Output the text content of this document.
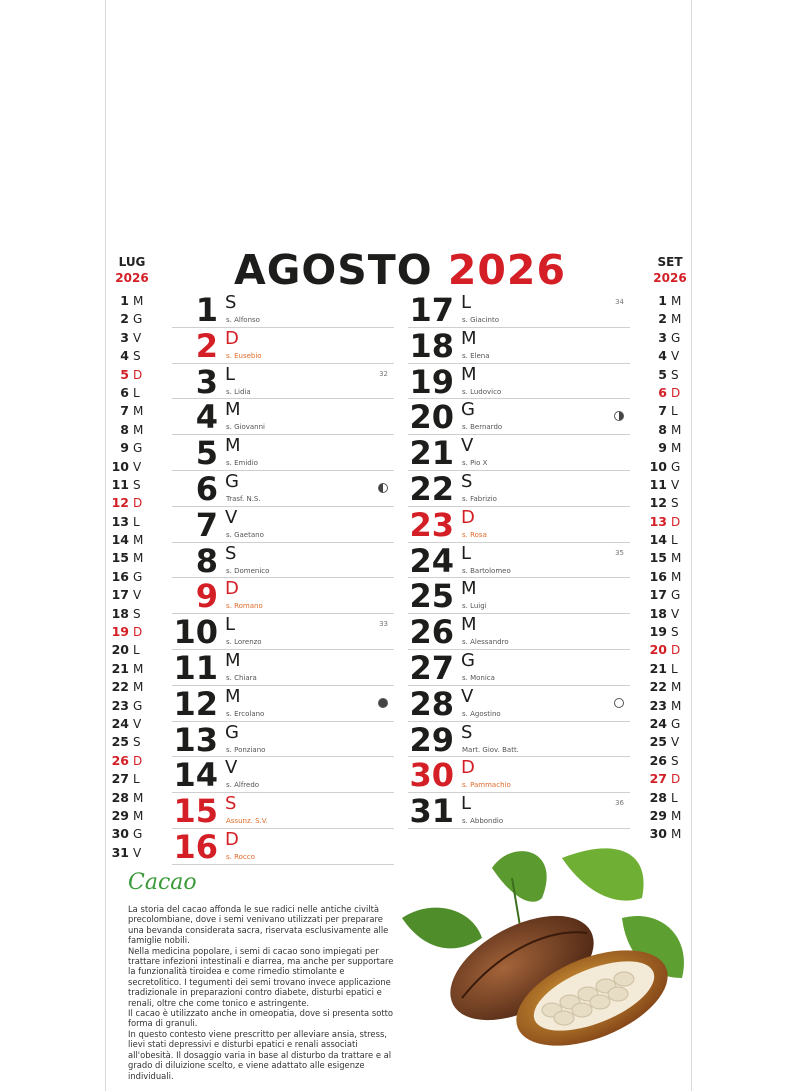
AGOSTO 2026
LUG
2026
1 M
2 G
3 V
4 S
5 D
6 L
7 M
8 M
9 G
10 V
11 S
12 D
13 L
14 M
15 M
16 G
17 V
18 S
19 D
20 L
21 M
22 M
23 G
24 V
25 S
26 D
27 L
28 M
29 M
30 G
31 V
SET
2026
1 M
2 M
3 G
4 V
5 S
6 D
7 L
8 M
9 M
10 G
11 V
12 S
13 D
14 L
15 M
16 M
17 G
18 V
19 S
20 D
21 L
22 M
23 M
24 G
25 V
26 S
27 D
28 L
29 M
30 M
1 S
s. Alfonso
2 D
s. Eusebio
3 L
s. Lidia
32
4 M
s. Giovanni
5 M
s. Emidio
6 G
Trasf. N.S.
7 V
s. Gaetano
8 S
s. Domenico
9 D
s. Romano
10 L
s. Lorenzo
33
11 M
s. Chiara
12 M
s. Ercolano
13 G
s. Ponziano
14 V
s. Alfredo
15 S
Assunz. S.V.
16 D
s. Rocco
17 L
s. Giacinto
34
18 M
s. Elena
19 M
s. Ludovico
20 G
s. Bernardo
21 V
s. Pio X
22 S
s. Fabrizio
23 D
s. Rosa
24 L
s. Bartolomeo
35
25 M
s. Luigi
26 M
s. Alessandro
27 G
s. Monica
28 V
s. Agostino
29 S
Mart. Giov. Batt.
30 D
s. Pammachio
31 L
s. Abbondio
36
Cacao

La storia del cacao affonda le sue radici nelle antiche civiltà precolombiane, dove i semi venivano utilizzati per preparare una bevanda considerata sacra, riservata esclusivamente alle famiglie nobili.

Nella medicina popolare, i semi di cacao sono impiegati per trattare infezioni intestinali e diarrea, ma anche per supportare la funzionalità tiroidea e come rimedio stimolante e secretolitico. I tegumenti dei semi trovano invece applicazione tradizionale in preparazioni contro diabete, disturbi epatici e renali, oltre che come tonico e astringente.

Il cacao è utilizzato anche in omeopatia, dove si presenta sotto forma di granuli.

In questo contesto viene prescritto per alleviare ansia, stress, lievi stati depressivi e disturbi epatici e renali associati all'obesità. Il dosaggio varia in base al disturbo da trattare e al grado di diluizione scelto, e viene adattato alle esigenze individuali.
